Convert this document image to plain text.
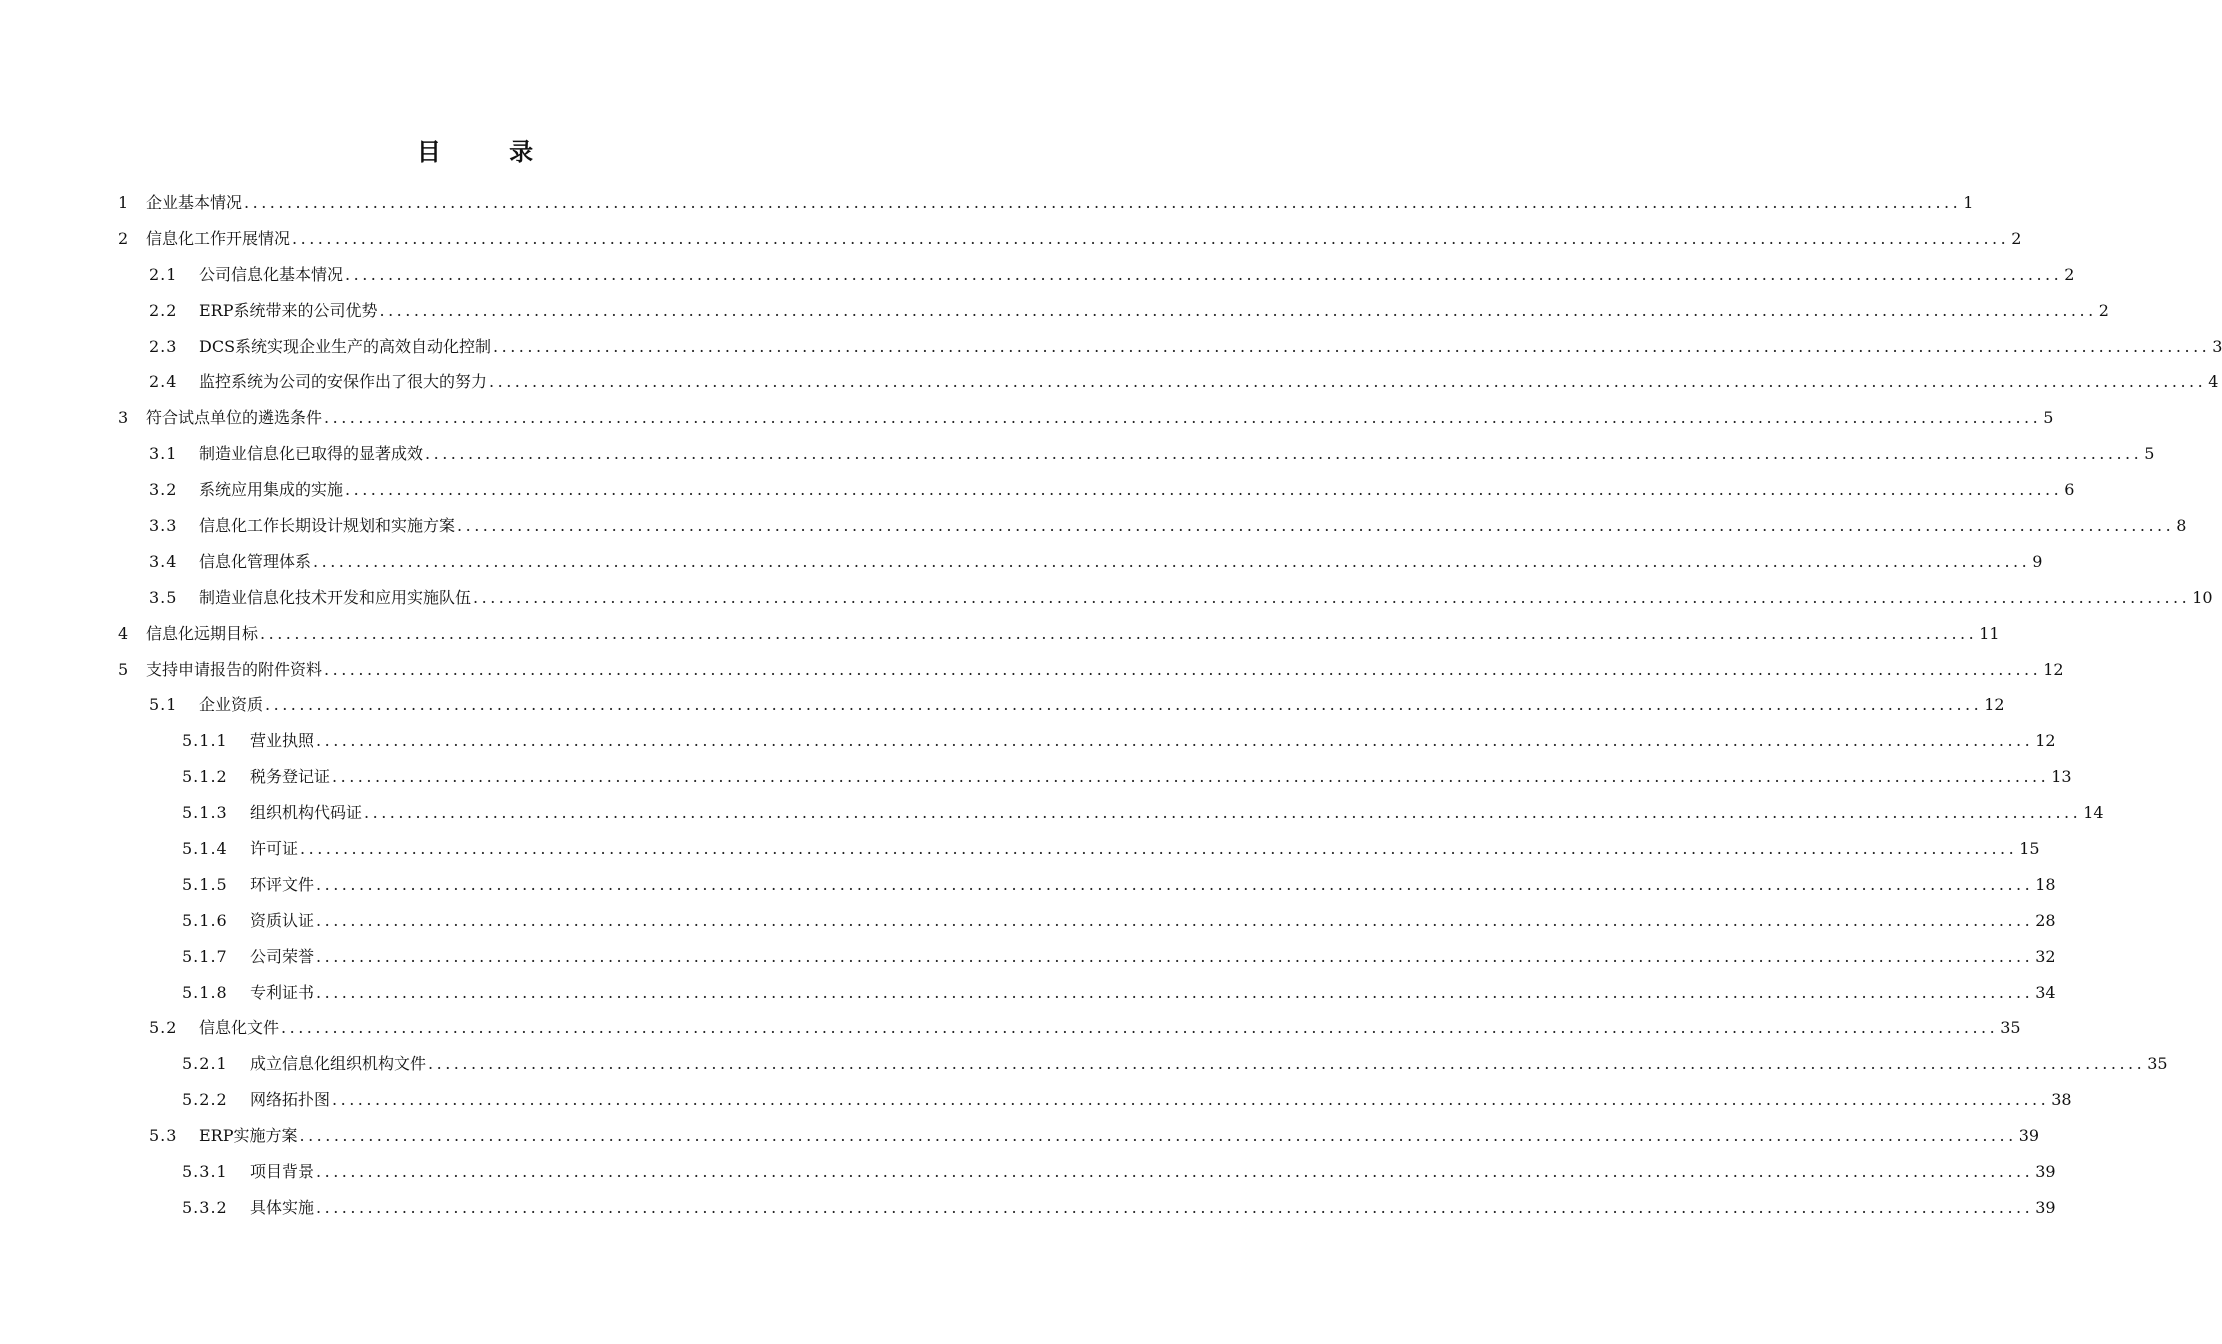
目 录
1 企业基本情况 ........................................................................................................................................................................................................ 1
2 信息化工作开展情况 ........................................................................................................................................................................................................ 2
2.1	公司信息化基本情况 ........................................................................................................................................................................................................ 2
2.2	ERP系统带来的公司优势 ........................................................................................................................................................................................................ 2
2.3	DCS系统实现企业生产的高效自动化控制 ........................................................................................................................................................................................................ 3
2.4	监控系统为公司的安保作出了很大的努力 ........................................................................................................................................................................................................ 4
3 符合试点单位的遴选条件 ........................................................................................................................................................................................................ 5
3.1	制造业信息化已取得的显著成效 ........................................................................................................................................................................................................ 5
3.2	系统应用集成的实施 ........................................................................................................................................................................................................ 6
3.3	信息化工作长期设计规划和实施方案 ........................................................................................................................................................................................................ 8
3.4	信息化管理体系 ........................................................................................................................................................................................................ 9
3.5	制造业信息化技术开发和应用实施队伍 ........................................................................................................................................................................................................ 10
4 信息化远期目标 ........................................................................................................................................................................................................ 11
5 支持申请报告的附件资料 ........................................................................................................................................................................................................ 12
5.1	企业资质 ........................................................................................................................................................................................................ 12
5.1.1	营业执照 ........................................................................................................................................................................................................ 12
5.1.2	税务登记证 ........................................................................................................................................................................................................ 13
5.1.3	组织机构代码证 ........................................................................................................................................................................................................ 14
5.1.4	许可证 ........................................................................................................................................................................................................ 15
5.1.5	环评文件 ........................................................................................................................................................................................................ 18
5.1.6	资质认证 ........................................................................................................................................................................................................ 28
5.1.7	公司荣誉 ........................................................................................................................................................................................................ 32
5.1.8	专利证书 ........................................................................................................................................................................................................ 34
5.2	信息化文件 ........................................................................................................................................................................................................ 35
5.2.1	成立信息化组织机构文件 ........................................................................................................................................................................................................ 35
5.2.2	网络拓扑图 ........................................................................................................................................................................................................ 38
5.3	ERP实施方案 ........................................................................................................................................................................................................ 39
5.3.1	项目背景 ........................................................................................................................................................................................................ 39
5.3.2	具体实施 ........................................................................................................................................................................................................ 39
